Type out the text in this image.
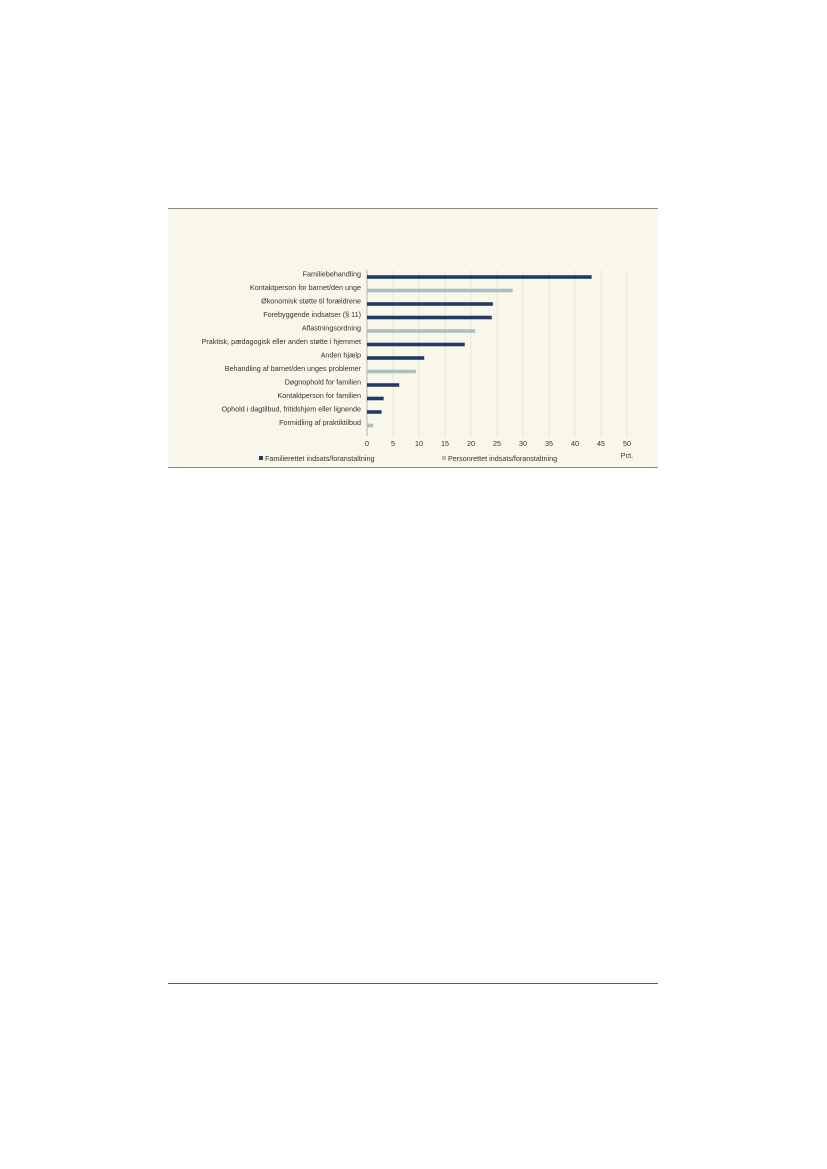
Familiebehandling
Kontaktperson for barnet/den unge
Økonomisk støtte til forældrene
Forebyggende indsatser (§ 11)
Aflastningsordning
Praktisk, pædagogisk eller anden støtte i hjemmet
Anden hjælp
Behandling af barnet/den unges problemer
Døgnophold for familien
Kontaktperson for familien
Ophold i dagtilbud, fritidshjem eller lignende
Formidling af praktiktilbud
0	5	10	15	20	25	30	35	40	45	50
Pct.
Familierettet indsats/foranstaltning	Personrettet indsats/foranstaltning
